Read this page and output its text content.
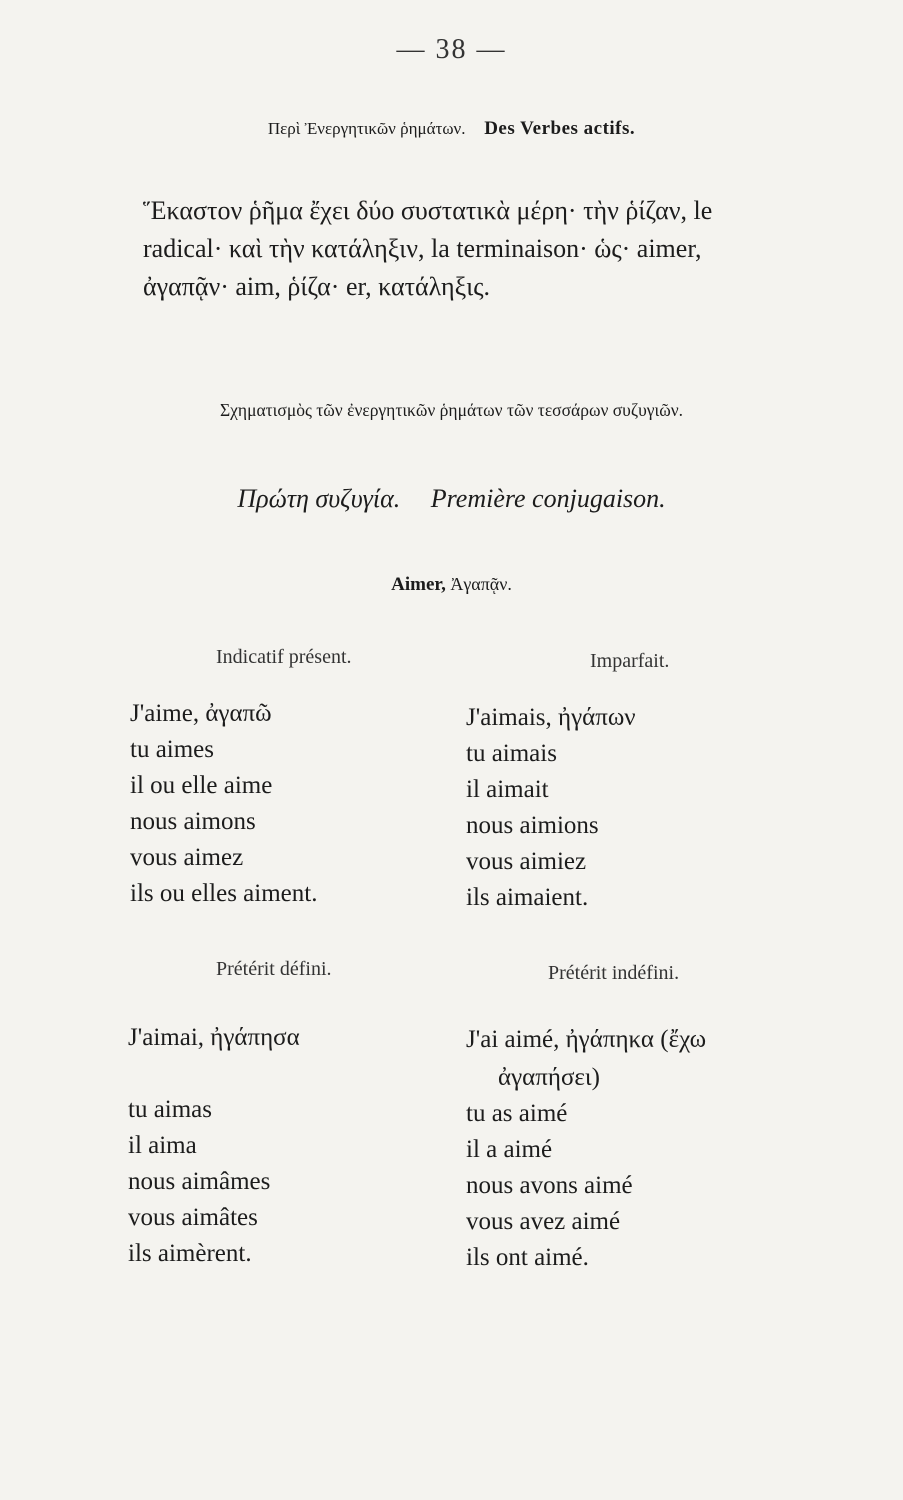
— 38 —
Περὶ Ἐνεργητικῶν ῥημάτων. Des Verbes actifs.
Ἕκαστον ῥῆμα ἔχει δύο συστατικὰ μέρη· τὴν ῥίζαν, le
radical· καὶ τὴν κατάληξιν, la terminaison· ὡς· aimer,
ἀγαπᾷν· aim, ῥίζα· er, κατάληξις.
Σχηματισμὸς τῶν ἐνεργητικῶν ῥημάτων τῶν τεσσάρων συζυγιῶν.
Πρώτη συζυγία. Première conjugaison.
Aimer, Ἀγαπᾷν.
Indicatif présent.
J'aime, ἀγαπῶ
tu aimes
il ou elle aime
nous aimons
vous aimez
ils ou elles aiment.
Imparfait.
J'aimais, ἠγάπων
tu aimais
il aimait
nous aimions
vous aimiez
ils aimaient.
Prétérit défini.
J'aimai, ἠγάπησα
tu aimas
il aima
nous aimâmes
vous aimâtes
ils aimèrent.
Prétérit indéfini.
J'ai aimé, ἠγάπηκα (ἔχω
ἀγαπήσει)
tu as aimé
il a aimé
nous avons aimé
vous avez aimé
ils ont aimé.
